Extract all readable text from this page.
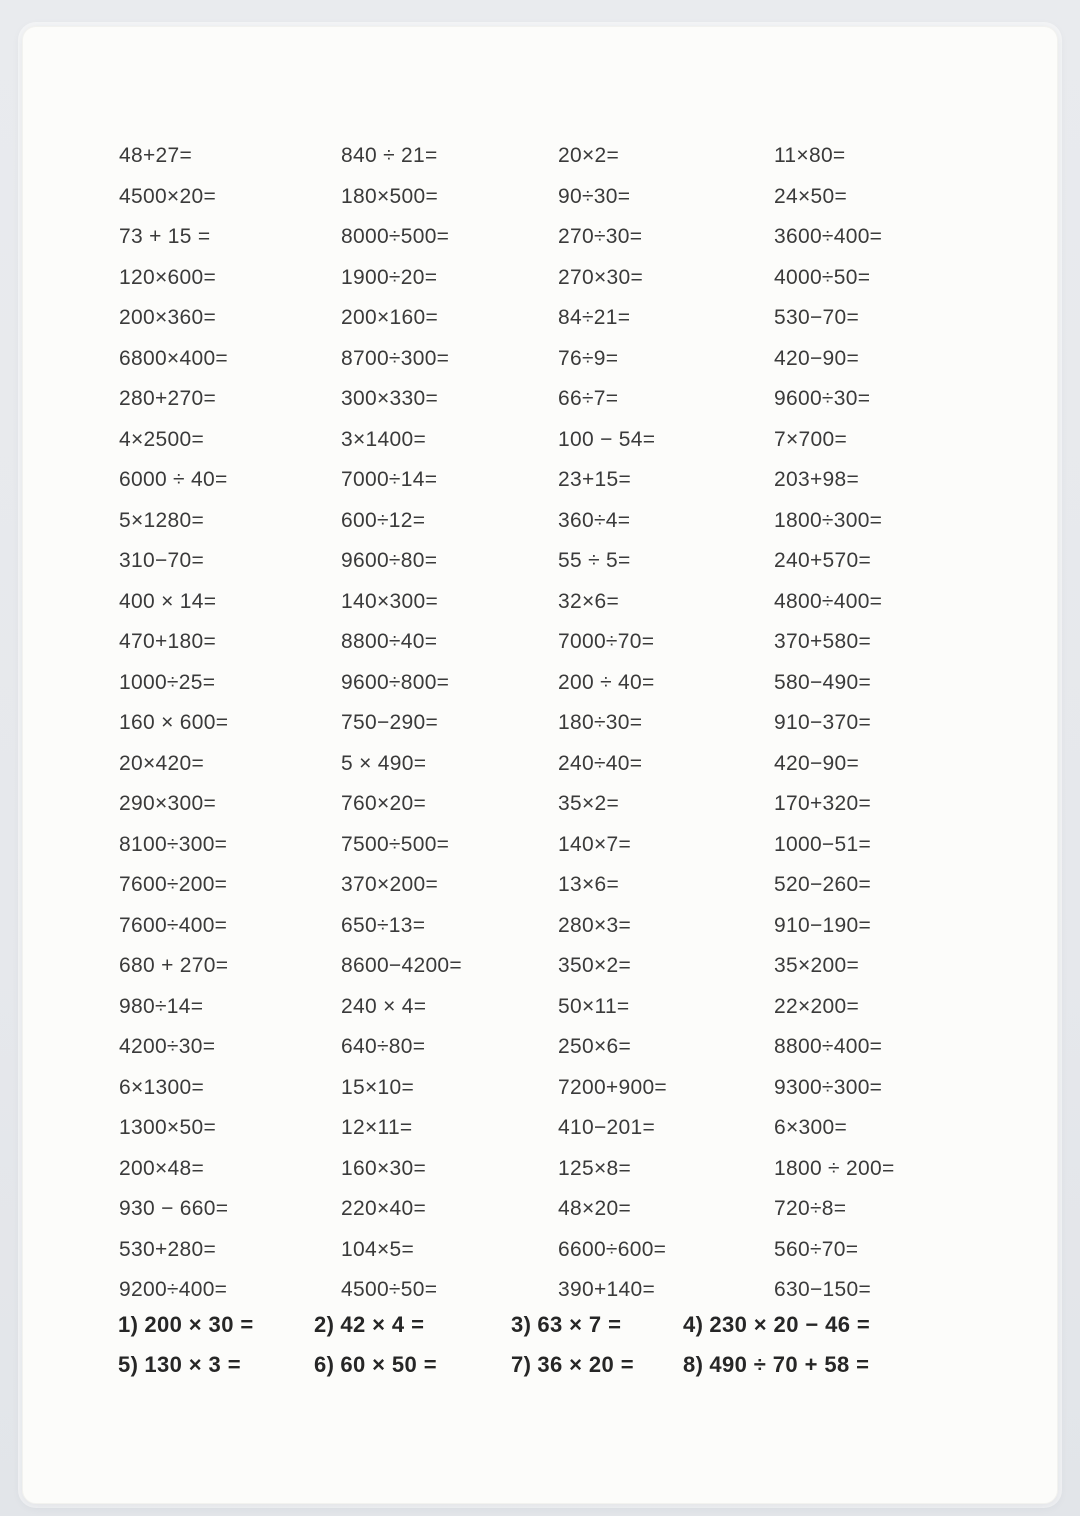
48+27=	840 ÷ 21=	20×2=	11×80=
4500×20=	180×500=	90÷30=	24×50=
73 + 15 =	8000÷500=	270÷30=	3600÷400=
120×600=	1900÷20=	270×30=	4000÷50=
200×360=	200×160=	84÷21=	530−70=
6800×400=	8700÷300=	76÷9=	420−90=
280+270=	300×330=	66÷7=	9600÷30=
4×2500=	3×1400=	100 − 54=	7×700=
6000 ÷ 40=	7000÷14=	23+15=	203+98=
5×1280=	600÷12=	360÷4=	1800÷300=
310−70=	9600÷80=	55 ÷ 5=	240+570=
400 × 14=	140×300=	32×6=	4800÷400=
470+180=	8800÷40=	7000÷70=	370+580=
1000÷25=	9600÷800=	200 ÷ 40=	580−490=
160 × 600=	750−290=	180÷30=	910−370=
20×420=	5 × 490=	240÷40=	420−90=
290×300=	760×20=	35×2=	170+320=
8100÷300=	7500÷500=	140×7=	1000−51=
7600÷200=	370×200=	13×6=	520−260=
7600÷400=	650÷13=	280×3=	910−190=
680 + 270=	8600−4200=	350×2=	35×200=
980÷14=	240 × 4=	50×11=	22×200=
4200÷30=	640÷80=	250×6=	8800÷400=
6×1300=	15×10=	7200+900=	9300÷300=
1300×50=	12×11=	410−201=	6×300=
200×48=	160×30=	125×8=	1800 ÷ 200=
930 − 660=	220×40=	48×20=	720÷8=
530+280=	104×5=	6600÷600=	560÷70=
9200÷400=	4500÷50=	390+140=	630−150=
1) 200 × 30 =	2) 42 × 4 =	3) 63 × 7 =	4) 230 × 20 − 46 =
5) 130 × 3 =	6) 60 × 50 =	7) 36 × 20 =	8) 490 ÷ 70 + 58 =
